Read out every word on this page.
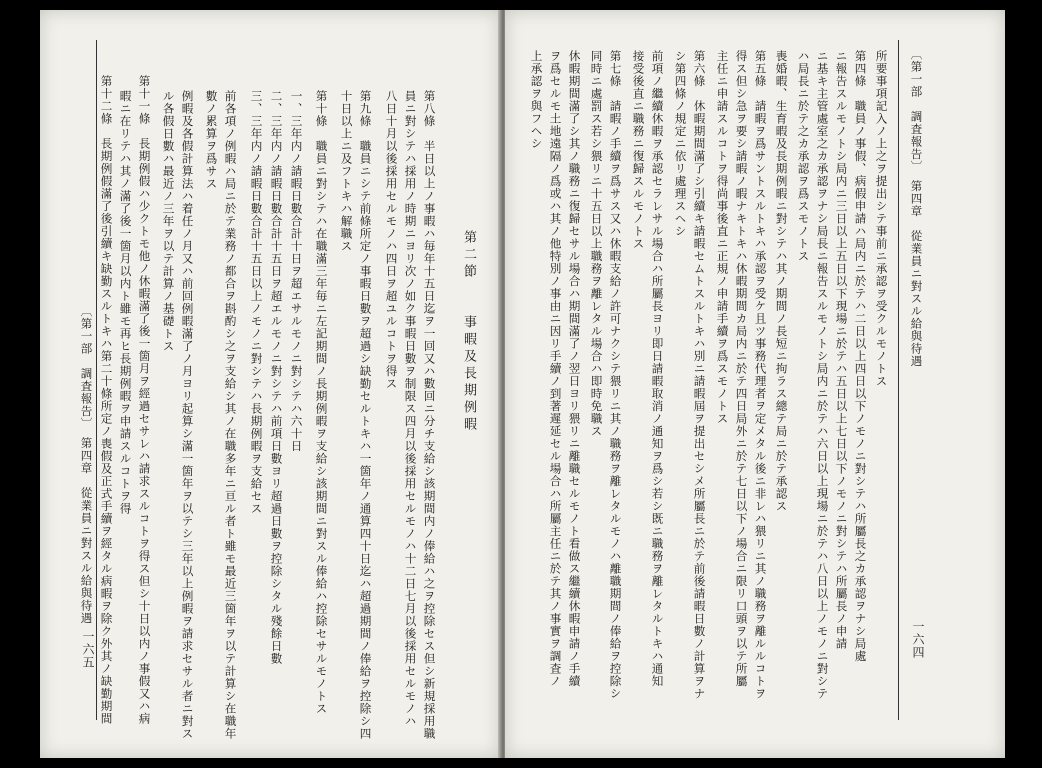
一六五 第十二條　長期例假滿了後引續キ缺勤スルトキハ第二十條所定ノ喪假及正式手續ヲ經タル病暇ヲ除ク外其ノ缺勤期間 暇ニ在リテハ其ノ滿了後一箇月以内ト雖モ再ヒ長期例暇ヲ申請スルコトヲ得 第十一條　長期例假ハ少クトモ他ノ休暇滿了後一箇月ヲ經過セサレハ請求スルコトヲ得ス但シ十日以内ノ事假又ハ病 ル各假日數ハ最近ノ三年ヲ以テ計算ノ基礎トス 例暇及各假計算法ハ着任ノ月又ハ前回例暇滿了ノ月ヨリ起算シ滿一箇年ヲ以テシ三年以上例暇ヲ請求セサル者ニ對ス 數ノ累算ヲ爲サス 前各項ノ例暇ハ局ニ於テ業務ノ都合ヲ斟酌シ之ヲ支給シ其ノ在職多年ニ亘ル者ト雖モ最近三箇年ヲ以テ計算シ在職年 三、三年内ノ請暇日數合計十五日以上ノモノニ對シテハ長期例暇ヲ支給セス 二、三年内ノ請暇日數合計十五日ヲ超エルモノニ對シテハ前項日數ヨリ超過日數ヲ控除シタル殘餘日數 一、三年内ノ請暇日數合計十日ヲ超エサルモノニ對シテハ六十日 第十條　職員ニ對シテハ在職滿三年毎ニ左記期間ノ長期例暇ヲ支給シ該期間ニ對スル俸給ハ控除セサルモノトス 十日以上ニ及フトキハ解職ス 第九條　職員ニシテ前條所定ノ事暇日數ヲ超過シ缺勤セルトキハ一箇年ノ通算四十日迄ハ超過期間ノ俸給ヲ控除シ四 八日十月以後採用セルモノハ四日ヲ超ユルコトヲ得ス 員ニ對シテハ採用ノ時期ニヨリ次ノ如ク事暇日數ヲ制限ス四月以後採用セルモノハ十二日七月以後採用セルモノハ 第八條　半日以上ノ事暇ハ毎年十五日迄ヲ一回又ハ數回ニ分チ支給シ該期間内ノ俸給ハ之ヲ控除セス但シ新規採用職 第二節　　事暇及長期例暇
上承認ヲ與フヘシ ヲ爲セルモ土地遠隔ノ爲或ハ其ノ他特別ノ事由ニ因リ手續ノ到著遲延セル場合ハ所屬主任ニ於テ其ノ事實ヲ調査ノ 休暇期間滿了シ其ノ職務ニ復歸セサル場合ハ期間滿了ノ翌日ヨリ猥リニ離職セルモノト看做ス繼續休暇申請ノ手續 同時ニ處罰ス若シ猥リニ十五日以上職務ヲ離レタル場合ハ即時免職ス 第七條　請暇ノ手續ヲ爲サス又ハ休暇支給ノ許可ナクシテ猥リニ其ノ職務ヲ離レタルモノハ離職期間ノ俸給ヲ控除シ 接受後直ニ職務ニ復歸スルモノトス 前項ノ繼續休暇ヲ承認セラレサル場合ハ所屬長ヨリ即日請暇取消ノ通知ヲ爲シ若シ既ニ職務ヲ離レタルトキハ通知 シ第四條ノ規定ニ依リ處理スヘシ 第六條　休暇期間滿了シ引續キ請暇セムトスルトキハ別ニ請暇屆ヲ提出セシメ所屬長ニ於テ前後請暇日數ノ計算ヲナ 主任ニ申請スルコトヲ得尚事後直ニ正規ノ申請手續ヲ爲スモノトス 得ス但シ急ヲ要シ請暇ノ暇ナキトキハ休暇期間カ局内ニ於テ四日局外ニ於テ七日以下ノ場合ニ限リ口頭ヲ以テ所屬 第五條　請暇ヲ爲サントスルトキハ承認ヲ受ケ且ツ事務代理者ヲ定メタル後ニ非レハ猥リニ其ノ職務ヲ離ルルコトヲ 喪婚暇、生育暇及長期例暇ニ對シテハ其ノ期間ノ長短ニ拘ラス總テ局ニ於テ承認ス ハ局長ニ於テ之カ承認ヲ爲スモノトス ニ基キ主管處室之カ承認ヲナシ局長ニ報告スルモノトシ局内ニ於テハ六日以上現場ニ於テハ八日以上ノモノニ對シテ ニ報告スルモノトシ局内ニ三日以上五日以下現場ニ於テハ五日以上七日以下ノモノニ對シテハ所屬長ノ申請 第四條　職員ノ事假、病假申請ハ局内ニ於テハ二日以上四日以下ノモノニ對シテハ所屬長之カ承認ヲナシ局處 所要事項記入ノ上之ヲ提出シテ事前ニ承認ヲ受クルモノトス 〔第一部　調査報告〕　第四章　從業員ニ對スル給與待遇
一六四
〔第一部　調査報告〕　第四章　從業員ニ對スル給與待遇
